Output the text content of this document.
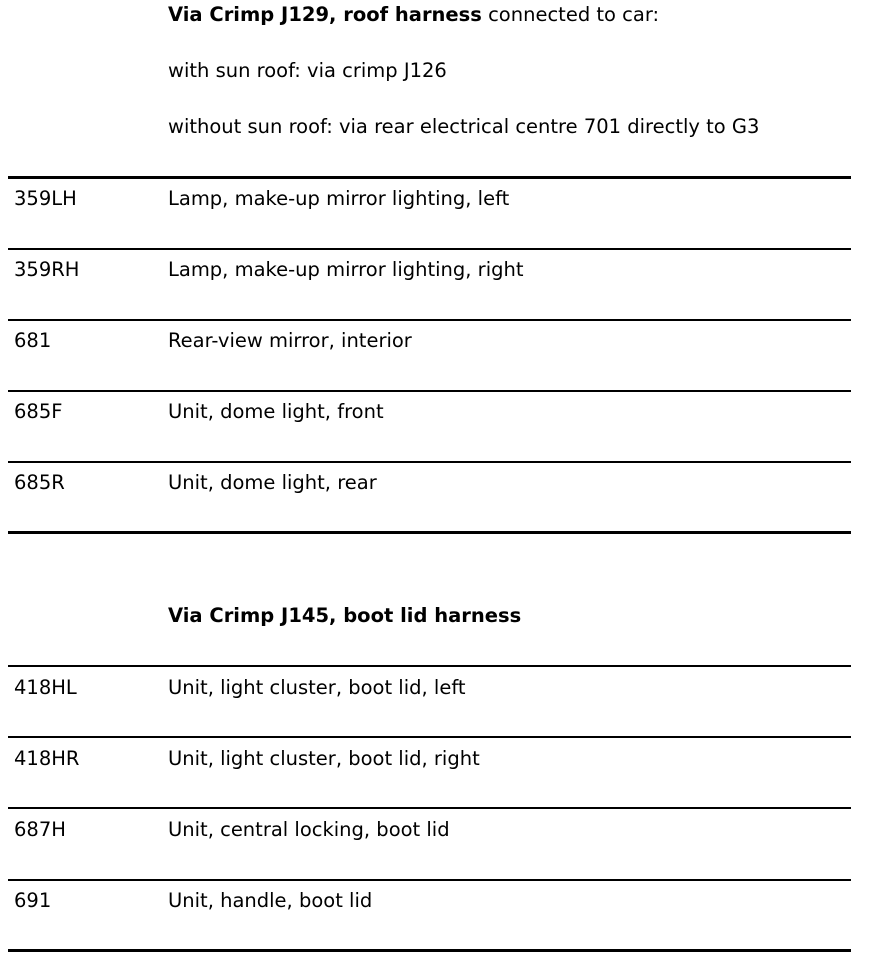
Via Crimp J129, roof harness connected to car:
with sun roof: via crimp J126
without sun roof: via rear electrical centre 701 directly to G3
359LH	Lamp, make-up mirror lighting, left
359RH	Lamp, make-up mirror lighting, right
681	Rear-view mirror, interior
685F	Unit, dome light, front
685R	Unit, dome light, rear
Via Crimp J145, boot lid harness
418HL	Unit, light cluster, boot lid, left
418HR	Unit, light cluster, boot lid, right
687H	Unit, central locking, boot lid
691	Unit, handle, boot lid
